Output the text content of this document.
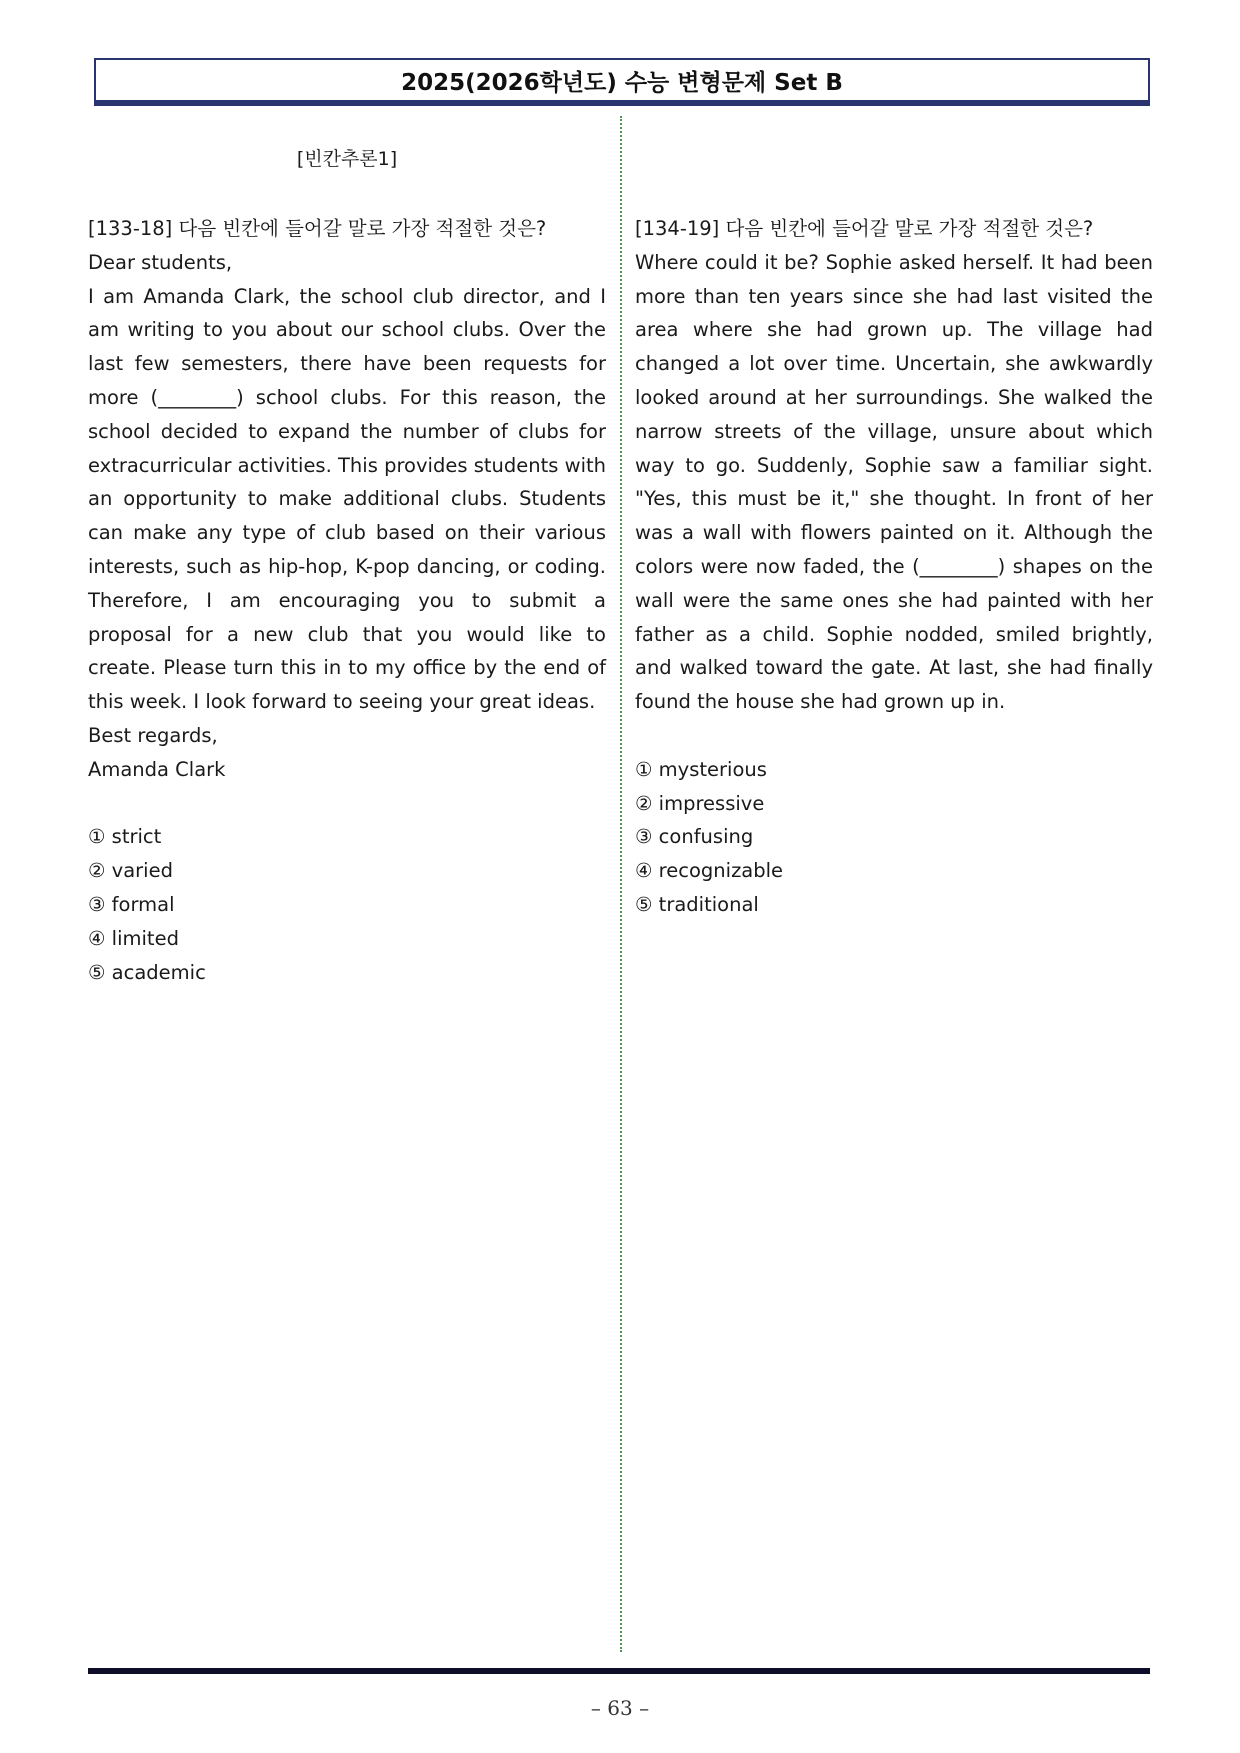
2025(2026학년도) 수능 변형문제 Set B
[빈칸추론1]
[133-18] 다음 빈칸에 들어갈 말로 가장 적절한 것은?
Dear students,

I am Amanda Clark, the school club director, and I am writing to you about our school clubs. Over the last few semesters, there have been requests for more (________) school clubs. For this reason, the school decided to expand the number of clubs for extracurricular activities. This provides students with an opportunity to make additional clubs. Students can make any type of club based on their various interests, such as hip-hop, K-pop dancing, or coding. Therefore, I am encouraging you to submit a proposal for a new club that you would like to create. Please turn this in to my office by the end of this week. I look forward to seeing your great ideas.

Best regards,
Amanda Clark
① strict
② varied
③ formal
④ limited
⑤ academic
[134-19] 다음 빈칸에 들어갈 말로 가장 적절한 것은?

Where could it be? Sophie asked herself. It had been more than ten years since she had last visited the area where she had grown up. The village had changed a lot over time. Uncertain, she awkwardly looked around at her surroundings. She walked the narrow streets of the village, unsure about which way to go. Suddenly, Sophie saw a familiar sight. "Yes, this must be it," she thought. In front of her was a wall with flowers painted on it. Although the colors were now faded, the (________) shapes on the wall were the same ones she had painted with her father as a child. Sophie nodded, smiled brightly, and walked toward the gate. At last, she had finally found the house she had grown up in.

① mysterious
② impressive
③ confusing
④ recognizable
⑤ traditional
– 63 –
